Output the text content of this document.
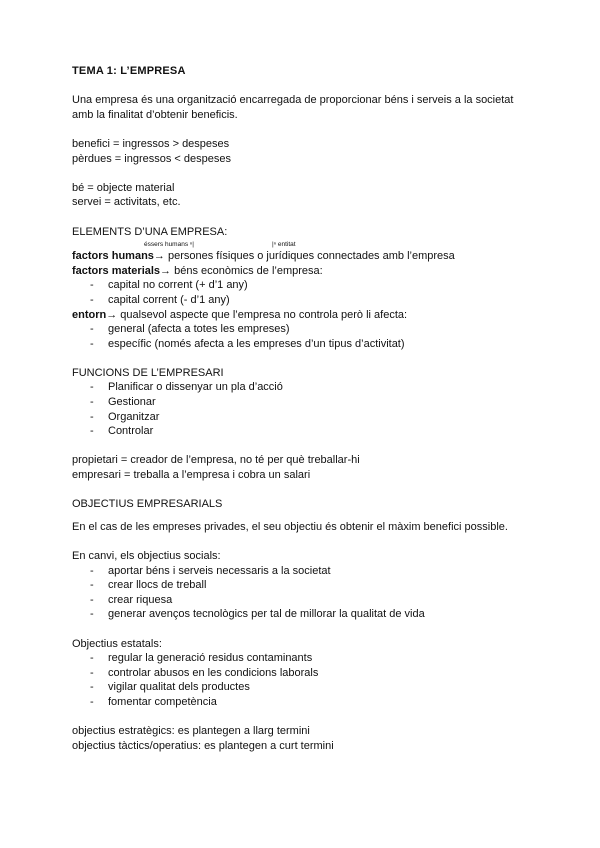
TEMA 1: L’EMPRESA
Una empresa és una organització encarregada de proporcionar béns i serveis a la societat
amb la finalitat d’obtenir beneficis.
benefici = ingressos > despeses
pèrdues = ingressos < despeses
bé = objecte material
servei = activitats, etc.
ELEMENTS D’UNA EMPRESA:
éssers humans ⁿ|	|ⁿ entitat
factors humans→ persones físiques o jurídiques connectades amb l’empresa
factors materials→ béns econòmics de l’empresa:
-	capital no corrent (+ d’1 any)
-	capital corrent (- d’1 any)
entorn→ qualsevol aspecte que l’empresa no controla però li afecta:
-	general (afecta a totes les empreses)
-	específic (només afecta a les empreses d’un tipus d’activitat)
FUNCIONS DE L’EMPRESARI
-	Planificar o dissenyar un pla d’acció
-	Gestionar
-	Organitzar
-	Controlar
propietari = creador de l’empresa, no té per què treballar-hi
empresari = treballa a l’empresa i cobra un salari
OBJECTIUS EMPRESARIALS
En el cas de les empreses privades, el seu objectiu és obtenir el màxim benefici possible.
En canvi, els objectius socials:
-	aportar béns i serveis necessaris a la societat
-	crear llocs de treball
-	crear riquesa
-	generar avenços tecnològics per tal de millorar la qualitat de vida
Objectius estatals:
-	regular la generació residus contaminants
-	controlar abusos en les condicions laborals
-	vigilar qualitat dels productes
-	fomentar competència
objectius estratègics: es plantegen a llarg termini
objectius tàctics/operatius: es plantegen a curt termini
